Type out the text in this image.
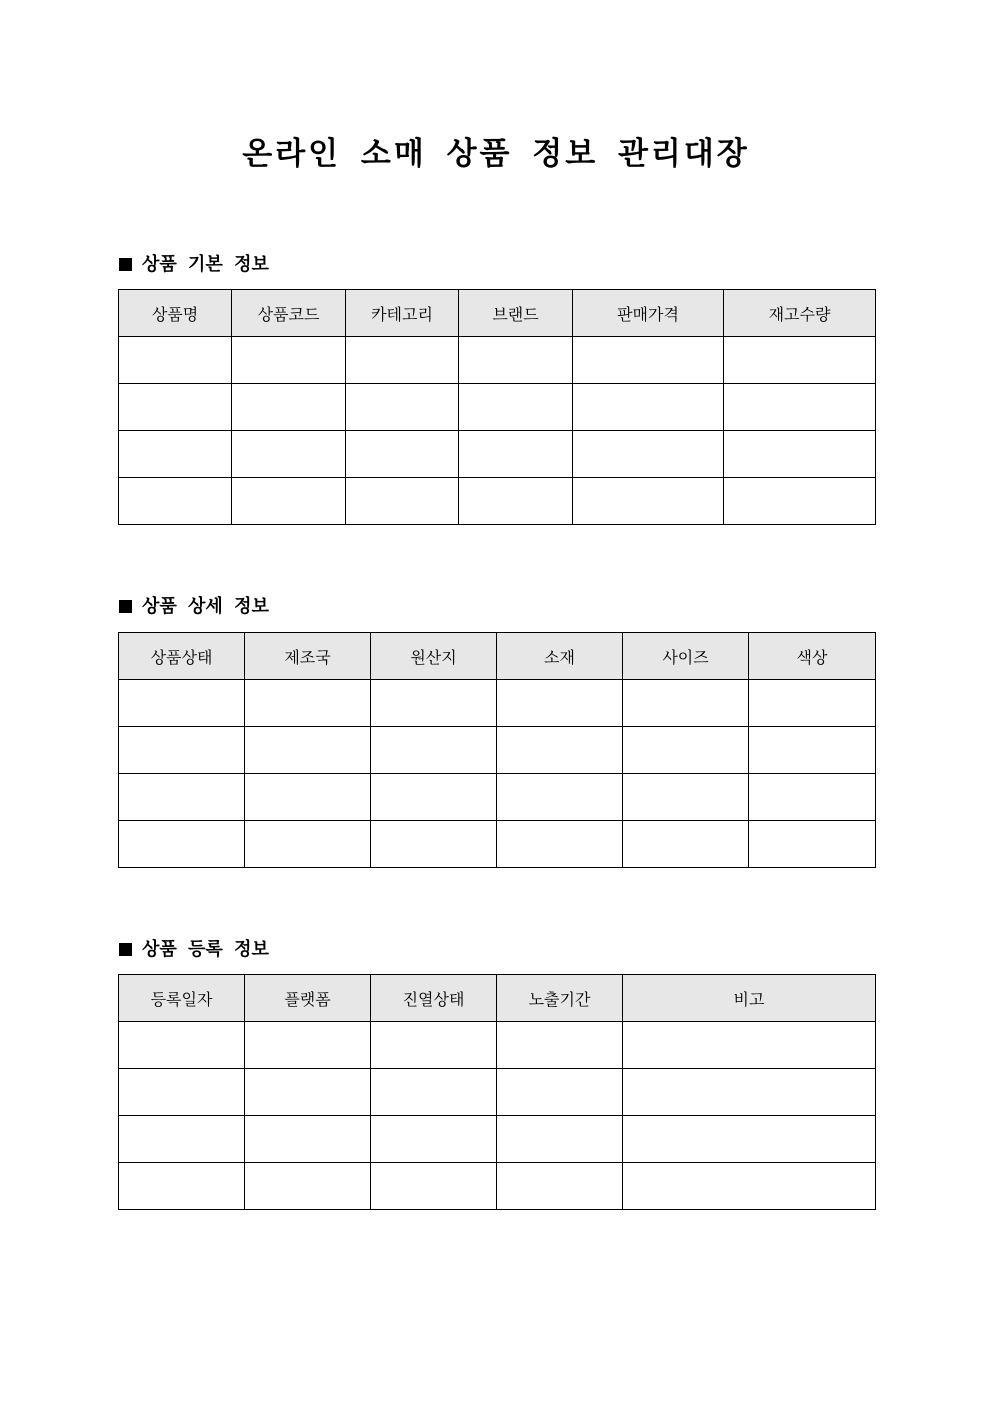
온라인 소매 상품 정보 관리대장
상품 기본 정보
상품명	상품코드	카테고리	브랜드	판매가격	재고수량

상품 상세 정보
상품상태	제조국	원산지	소재	사이즈	색상

상품 등록 정보
등록일자	플랫폼	진열상태	노출기간	비고
